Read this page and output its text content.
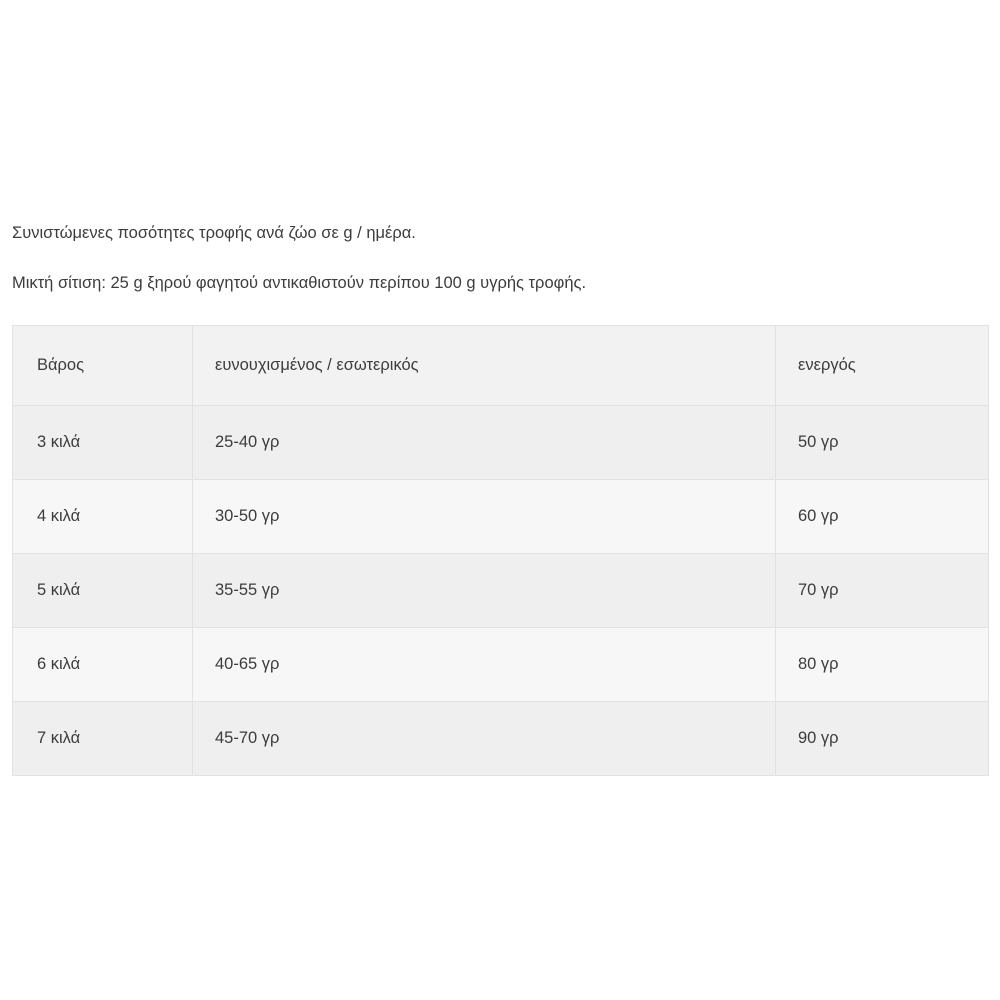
Συνιστώμενες ποσότητες τροφής ανά ζώο σε g / ημέρα.

Μικτή σίτιση: 25 g ξηρού φαγητού αντικαθιστούν περίπου 100 g υγρής τροφής.

Βάρος	ευνουχισμένος / εσωτερικός	ενεργός
3 κιλά	25-40 γρ	50 γρ
4 κιλά	30-50 γρ	60 γρ
5 κιλά	35-55 γρ	70 γρ
6 κιλά	40-65 γρ	80 γρ
7 κιλά	45-70 γρ	90 γρ
